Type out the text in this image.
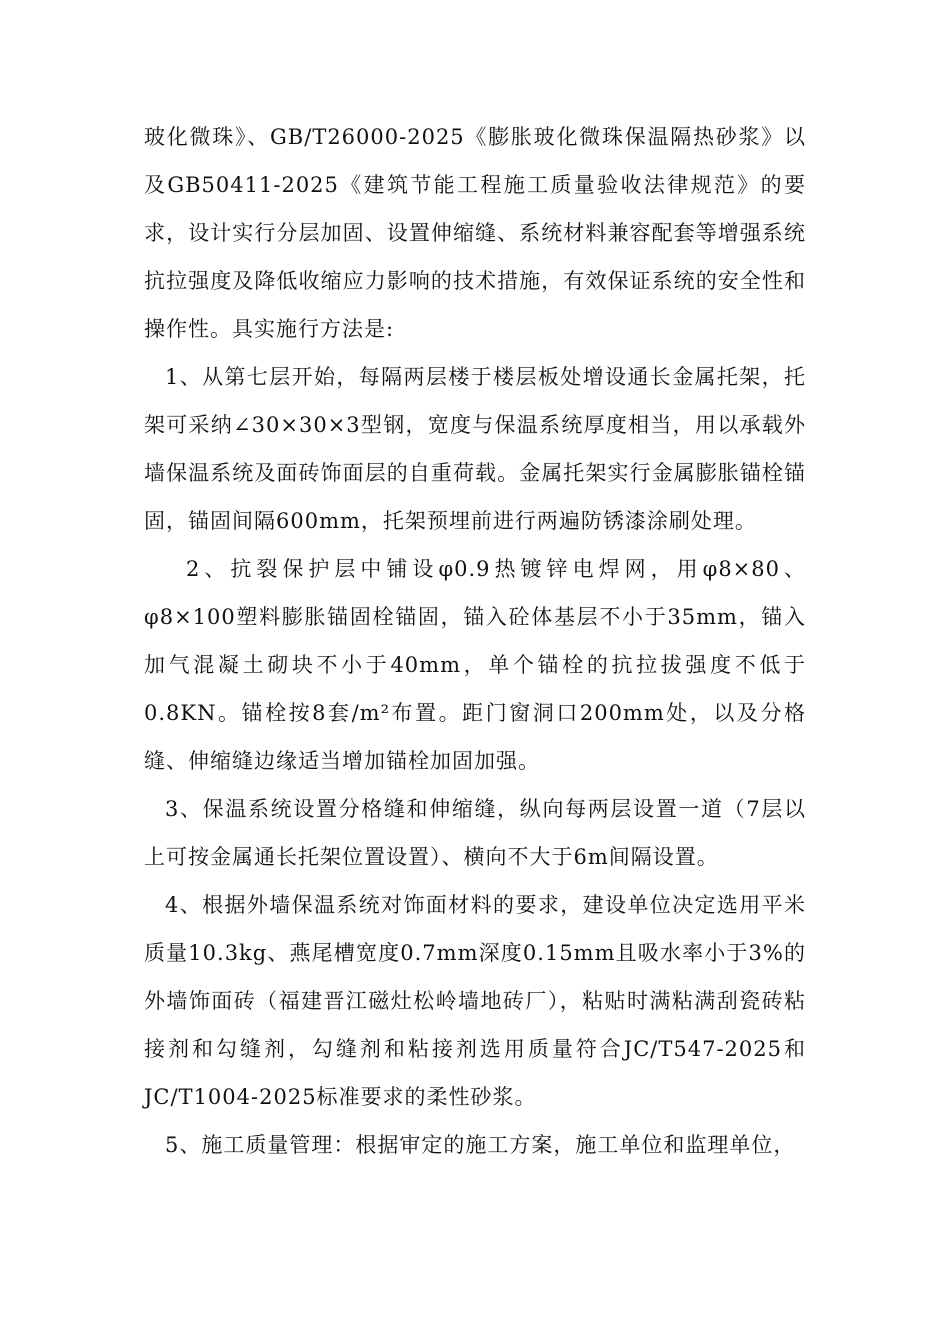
玻化微珠》、GB/T26000-2025《膨胀玻化微珠保温隔热砂浆》以及GB50411-2025《建筑节能工程施工质量验收法律规范》的要求，设计实行分层加固、设置伸缩缝、系统材料兼容配套等增强系统抗拉强度及降低收缩应力影响的技术措施，有效保证系统的安全性和操作性。具实施行方法是:

1、从第七层开始，每隔两层楼于楼层板处增设通长金属托架，托架可采纳∠30×30×3型钢，宽度与保温系统厚度相当，用以承载外墙保温系统及面砖饰面层的自重荷载。金属托架实行金属膨胀锚栓锚固，锚固间隔600mm，托架预埋前进行两遍防锈漆涂刷处理。

2、抗裂保护层中铺设φ0.9热镀锌电焊网，用φ8×80、φ8×100塑料膨胀锚固栓锚固，锚入砼体基层不小于35mm，锚入加气混凝土砌块不小于40mm，单个锚栓的抗拉拔强度不低于0.8KN。锚栓按8套/m²布置。距门窗洞口200mm处，以及分格缝、伸缩缝边缘适当增加锚栓加固加强。

3、保温系统设置分格缝和伸缩缝，纵向每两层设置一道（7层以上可按金属通长托架位置设置）、横向不大于6m间隔设置。

4、根据外墙保温系统对饰面材料的要求，建设单位决定选用平米质量10.3kg、燕尾槽宽度0.7mm深度0.15mm且吸水率小于3%的外墙饰面砖（福建晋江磁灶松岭墙地砖厂），粘贴时满粘满刮瓷砖粘接剂和勾缝剂，勾缝剂和粘接剂选用质量符合JC/T547-2025和JC/T1004-2025标准要求的柔性砂浆。

5、施工质量管理：根据审定的施工方案，施工单位和监理单位，
